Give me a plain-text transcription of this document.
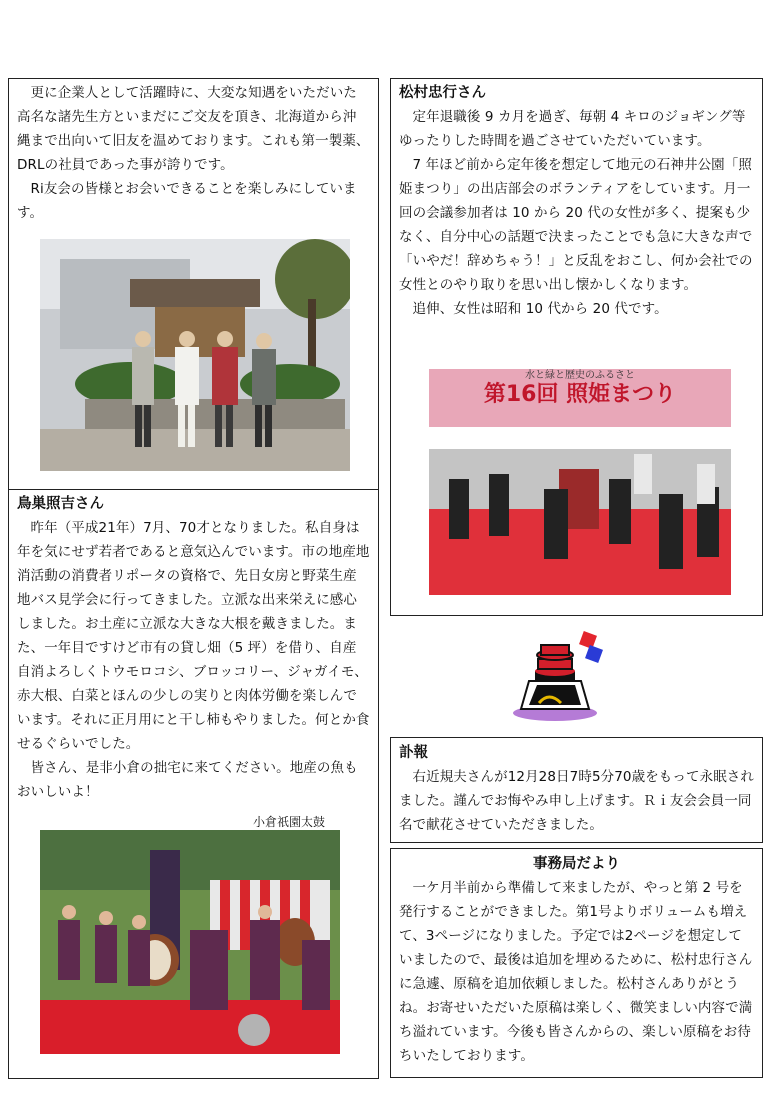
更に企業人として活躍時に、大変な知遇をいただいた高名な諸先生方といまだにご交友を頂き、北海道から沖縄まで出向いて旧友を温めております。これも第一製薬、DRLの社員であった事が誇りです。

Ri友会の皆様とお会いできることを楽しみにしています。

鳥巣照吉さん

昨年（平成21年）7月、70才となりました。私自身は年を気にせず若者であると意気込んでいます。市の地産地消活動の消費者リポータの資格で、先日女房と野菜生産地バス見学会に行ってきました。立派な出来栄えに感心しました。お土産に立派な大きな大根を戴きました。また、一年目ですけど市有の貸し畑（5 坪）を借り、自産自消よろしくトウモロコシ、ブロッコリー、ジャガイモ、赤大根、白菜とほんの少しの実りと肉体労働を楽しんでいます。それに正月用にと干し柿もやりました。何とか食せるぐらいでした。

皆さん、是非小倉の拙宅に来てください。地産の魚もおいしいよ！

小倉祇園太鼓

松村忠行さん

定年退職後 9 カ月を過ぎ、毎朝 4 キロのジョギング等ゆったりした時間を過ごさせていただいています。

7 年ほど前から定年後を想定して地元の石神井公園「照姫まつり」の出店部会のボランティアをしています。月一回の会議参加者は 10 から 20 代の女性が多く、提案も少なく、自分中心の話題で決まったことでも急に大きな声で「いやだ！辞めちゃう！」と反乱をおこし、何か会社での女性とのやり取りを思い出し懐かしくなります。

追伸、女性は昭和 10 代から 20 代です。

水と緑と歴史のふるさと
第16回 照姫まつり

訃報

右近規夫さんが12月28日7時5分70歳をもって永眠されました。謹んでお悔やみ申し上げます。Ｒｉ友会会員一同名で献花させていただきました。

事務局だより

一ケ月半前から準備して来ましたが、やっと第 2 号を発行することができました。第1号よりボリュームも増えて、3ページになりました。予定では2ページを想定していましたので、最後は追加を埋めるために、松村忠行さんに急遽、原稿を追加依頼しました。松村さんありがとうね。お寄せいただいた原稿は楽しく、微笑ましい内容で満ち溢れています。今後も皆さんからの、楽しい原稿をお待ちいたしております。
